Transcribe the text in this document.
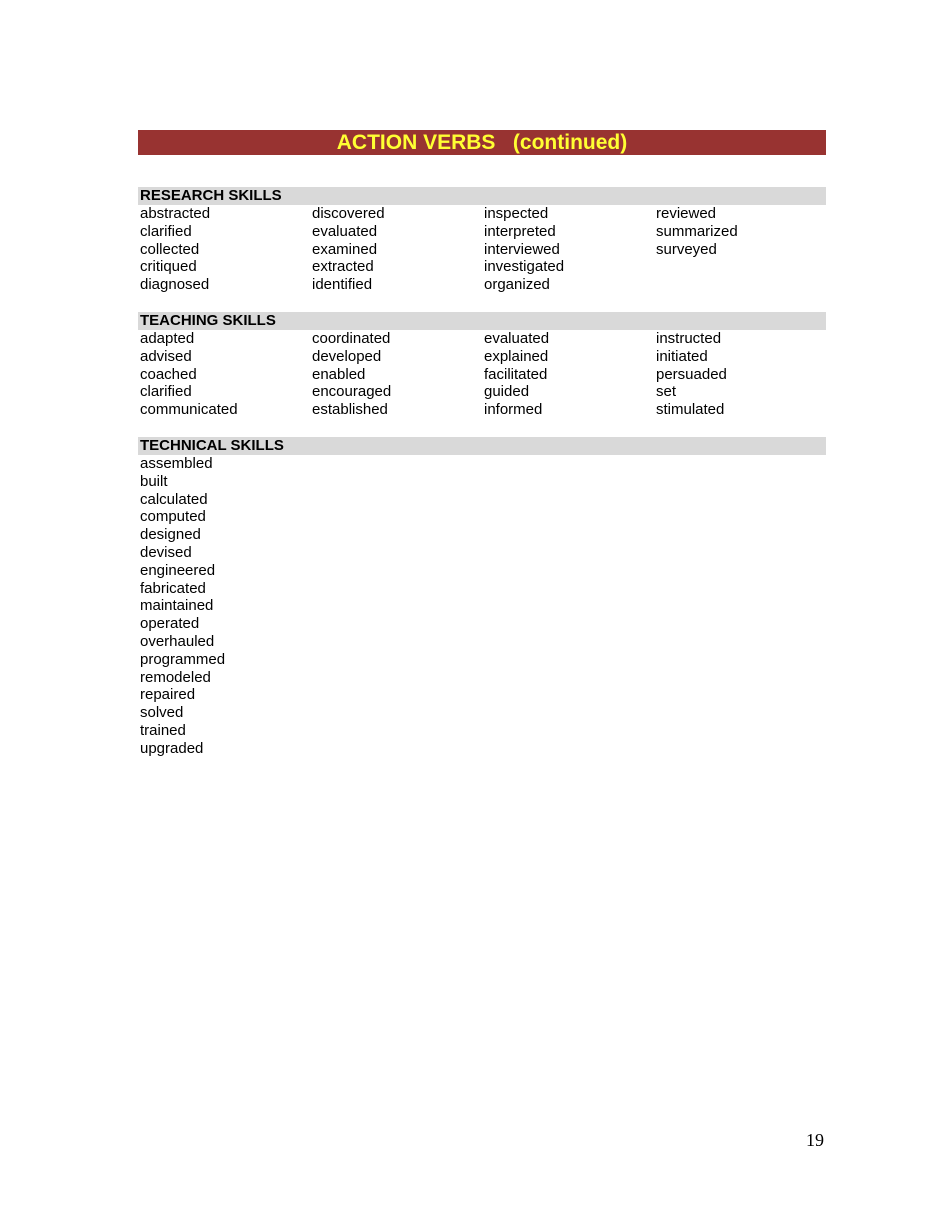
ACTION VERBS   (continued)
RESEARCH SKILLS
abstracted
clarified
collected
critiqued
diagnosed
discovered
evaluated
examined
extracted
identified
inspected
interpreted
interviewed
investigated
organized
reviewed
summarized
surveyed
TEACHING SKILLS
adapted
advised
coached
clarified
communicated
coordinated
developed
enabled
encouraged
established
evaluated
explained
facilitated
guided
informed
instructed
initiated
persuaded
set
stimulated
TECHNICAL SKILLS
assembled
built
calculated
computed
designed
devised
engineered
fabricated
maintained
operated
overhauled
programmed
remodeled
repaired
solved
trained
upgraded
19
